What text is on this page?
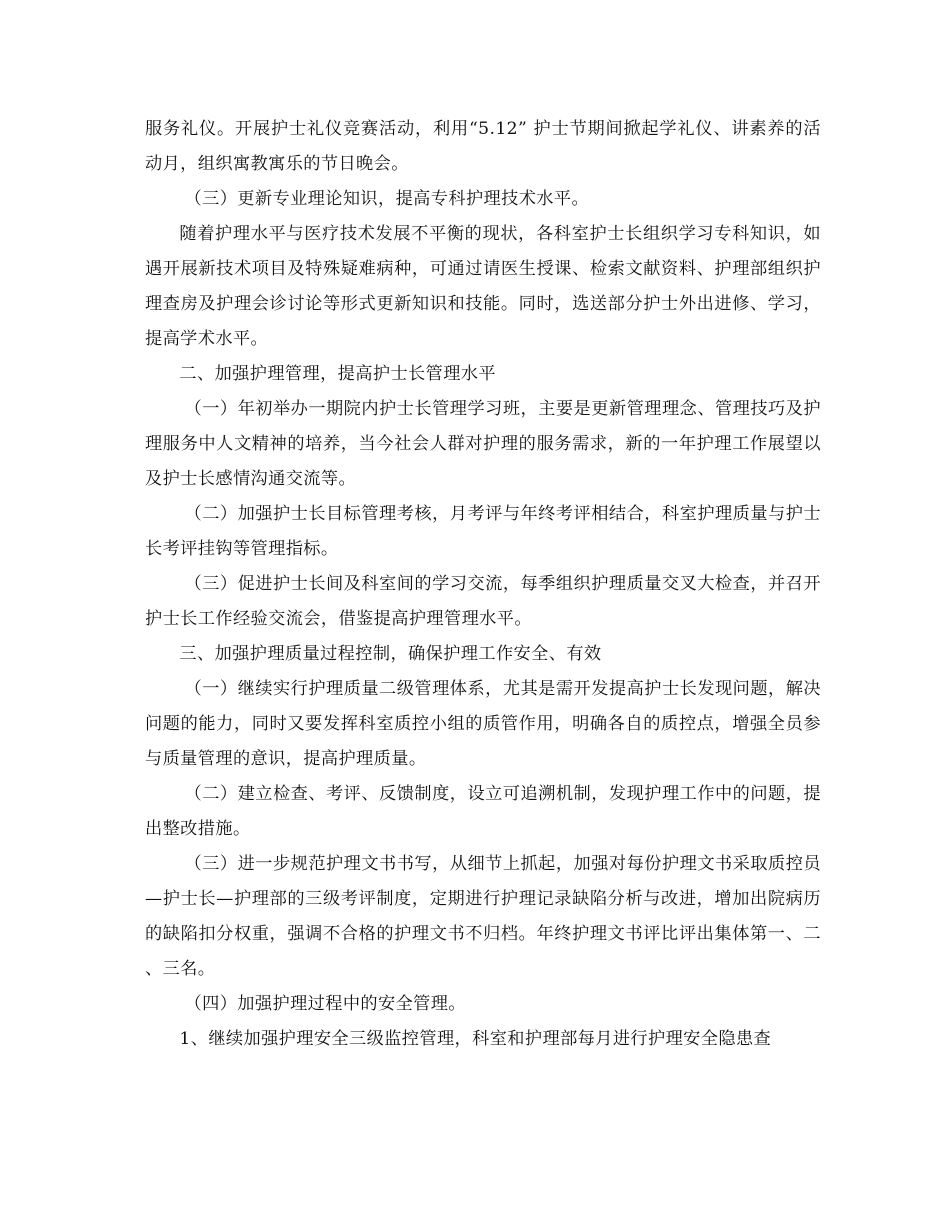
服务礼仪。开展护士礼仪竞赛活动，利用“5.12” 护士节期间掀起学礼仪、讲素养的活动月，组织寓教寓乐的节日晚会。

（三）更新专业理论知识，提高专科护理技术水平。

随着护理水平与医疗技术发展不平衡的现状，各科室护士长组织学习专科知识，如遇开展新技术项目及特殊疑难病种，可通过请医生授课、检索文献资料、护理部组织护理查房及护理会诊讨论等形式更新知识和技能。同时，选送部分护士外出进修、学习，提高学术水平。

二、加强护理管理，提高护士长管理水平

（一）年初举办一期院内护士长管理学习班，主要是更新管理理念、管理技巧及护理服务中人文精神的培养，当今社会人群对护理的服务需求，新的一年护理工作展望以及护士长感情沟通交流等。

（二）加强护士长目标管理考核，月考评与年终考评相结合，科室护理质量与护士长考评挂钩等管理指标。

（三）促进护士长间及科室间的学习交流，每季组织护理质量交叉大检查，并召开护士长工作经验交流会，借鉴提高护理管理水平。

三、加强护理质量过程控制，确保护理工作安全、有效

（一）继续实行护理质量二级管理体系，尤其是需开发提高护士长发现问题，解决问题的能力，同时又要发挥科室质控小组的质管作用，明确各自的质控点，增强全员参与质量管理的意识，提高护理质量。

（二）建立检查、考评、反馈制度，设立可追溯机制，发现护理工作中的问题，提出整改措施。

（三）进一步规范护理文书书写，从细节上抓起，加强对每份护理文书采取质控员—护士长—护理部的三级考评制度，定期进行护理记录缺陷分析与改进，增加出院病历的缺陷扣分权重，强调不合格的护理文书不归档。年终护理文书评比评出集体第一、二、三名。

（四）加强护理过程中的安全管理。

1、继续加强护理安全三级监控管理，科室和护理部每月进行护理安全隐患查
